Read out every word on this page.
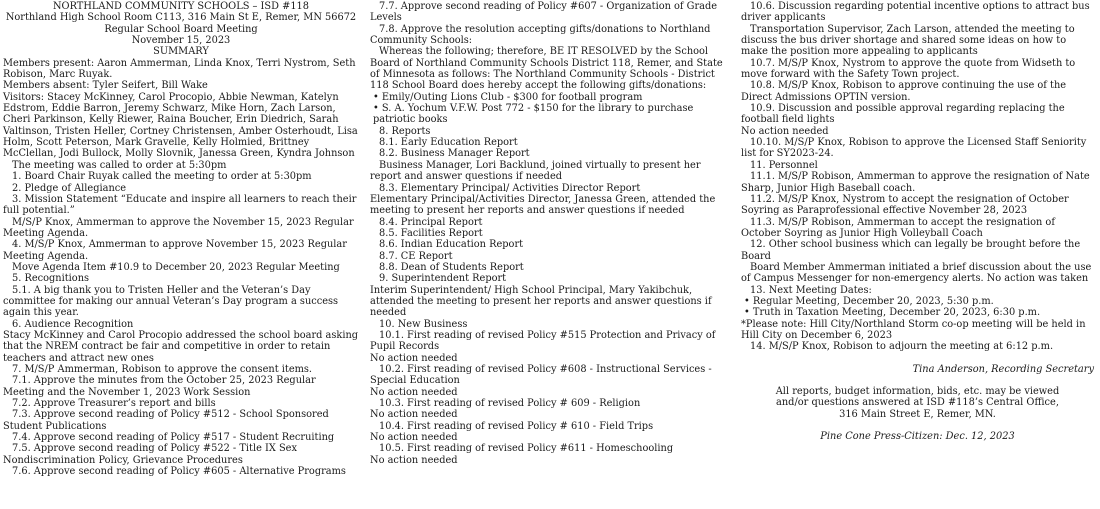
NORTHLAND COMMUNITY SCHOOLS – ISD #118

Northland High School Room C113, 316 Main St E, Remer, MN 56672

Regular School Board Meeting

November 15, 2023

SUMMARY

Members present: Aaron Ammerman, Linda Knox, Terri Nystrom, Seth Robison, Marc Ruyak.

Members absent: Tyler Seifert, Bill Wake

Visitors: Stacey McKinney, Carol Procopio, Abbie Newman, Katelyn Edstrom, Eddie Barron, Jeremy Schwarz, Mike Horn, Zach Larson, Cheri Parkinson, Kelly Riewer, Raina Boucher, Erin Diedrich, Sarah Valtinson, Tristen Heller, Cortney Christensen, Amber Osterhoudt, Lisa Holm, Scott Peterson, Mark Gravelle, Kelly Holmied, Brittney McClellan, Jodi Bullock, Molly Slovnik, Janessa Green, Kyndra Johnson

The meeting was called to order at 5:30pm

1. Board Chair Ruyak called the meeting to order at 5:30pm

2. Pledge of Allegiance

3. Mission Statement “Educate and inspire all learners to reach their full potential.”

M/S/P Knox, Ammerman to approve the November 15, 2023 Regular Meeting Agenda.

4. M/S/P Knox, Ammerman to approve November 15, 2023 Regular Meeting Agenda.

Move Agenda Item #10.9 to December 20, 2023 Regular Meeting

5. Recognitions

5.1. A big thank you to Tristen Heller and the Veteran’s Day committee for making our annual Veteran’s Day program a success again this year.

6. Audience Recognition

Stacy McKinney and Carol Procopio addressed the school board asking that the NREM contract be fair and competitive in order to retain teachers and attract new ones

7. M/S/P Ammerman, Robison to approve the consent items.

7.1. Approve the minutes from the October 25, 2023 Regular Meeting and the November 1, 2023 Work Session

7.2. Approve Treasurer’s report and bills

7.3. Approve second reading of Policy #512 - School Sponsored Student Publications

7.4. Approve second reading of Policy #517 - Student Recruiting

7.5. Approve second reading of Policy #522 - Title IX Sex Nondiscrimination Policy, Grievance Procedures

7.6. Approve second reading of Policy #605 - Alternative Programs

7.7. Approve second reading of Policy #607 - Organization of Grade Levels

7.8. Approve the resolution accepting gifts/donations to Northland Community Schools:

Whereas the following; therefore, BE IT RESOLVED by the School Board of Northland Community Schools District 118, Remer, and State of Minnesota as follows: The Northland Community Schools - District 118 School Board does hereby accept the following gifts/donations:

• Emily/Outing Lions Club - $300 for football program

• S. A. Yochum V.F.W. Post 772 - $150 for the library to purchase patriotic books

8. Reports

8.1. Early Education Report

8.2. Business Manager Report

Business Manager, Lori Backlund, joined virtually to present her report and answer questions if needed

8.3. Elementary Principal/ Activities Director Report

Elementary Principal/Activities Director, Janessa Green, attended the meeting to present her reports and answer questions if needed

8.4. Principal Report

8.5. Facilities Report

8.6. Indian Education Report

8.7. CE Report

8.8. Dean of Students Report

9. Superintendent Report

Interim Superintendent/ High School Principal, Mary Yakibchuk, attended the meeting to present her reports and answer questions if needed

10. New Business

10.1. First reading of revised Policy #515 Protection and Privacy of Pupil Records

No action needed

10.2. First reading of revised Policy #608 - Instructional Services - Special Education

No action needed

10.3. First reading of revised Policy # 609 - Religion

No action needed

10.4. First reading of revised Policy # 610 - Field Trips

No action needed

10.5. First reading of revised Policy #611 - Homeschooling

No action needed

10.6. Discussion regarding potential incentive options to attract bus driver applicants

Transportation Supervisor, Zach Larson, attended the meeting to discuss the bus driver shortage and shared some ideas on how to make the position more appealing to applicants

10.7. M/S/P Knox, Nystrom to approve the quote from Widseth to move forward with the Safety Town project.

10.8. M/S/P Knox, Robison to approve continuing the use of the Direct Admissions OPTIN version.

10.9. Discussion and possible approval regarding replacing the football field lights

No action needed

10.10. M/S/P Knox, Robison to approve the Licensed Staff Seniority list for SY2023-24.

11. Personnel

11.1. M/S/P Robison, Ammerman to approve the resignation of Nate Sharp, Junior High Baseball coach.

11.2. M/S/P Knox, Nystrom to accept the resignation of October Soyring as Paraprofessional effective November 28, 2023

11.3. M/S/P Robison, Ammerman to accept the resignation of October Soyring as Junior High Volleyball Coach

12. Other school business which can legally be brought before the Board

Board Member Ammerman initiated a brief discussion about the use of Campus Messenger for non-emergency alerts. No action was taken

13. Next Meeting Dates:

• Regular Meeting, December 20, 2023, 5:30 p.m.

• Truth in Taxation Meeting, December 20, 2023, 6:30 p.m.

*Please note: Hill City/Northland Storm co-op meeting will be held in Hill City on December 6, 2023

14. M/S/P Knox, Robison to adjourn the meeting at 6:12 p.m.

Tina Anderson, Recording Secretary

All reports, budget information, bids, etc. may be viewed

and/or questions answered at ISD #118’s Central Office,

316 Main Street E, Remer, MN.

Pine Cone Press-Citizen: Dec. 12, 2023
